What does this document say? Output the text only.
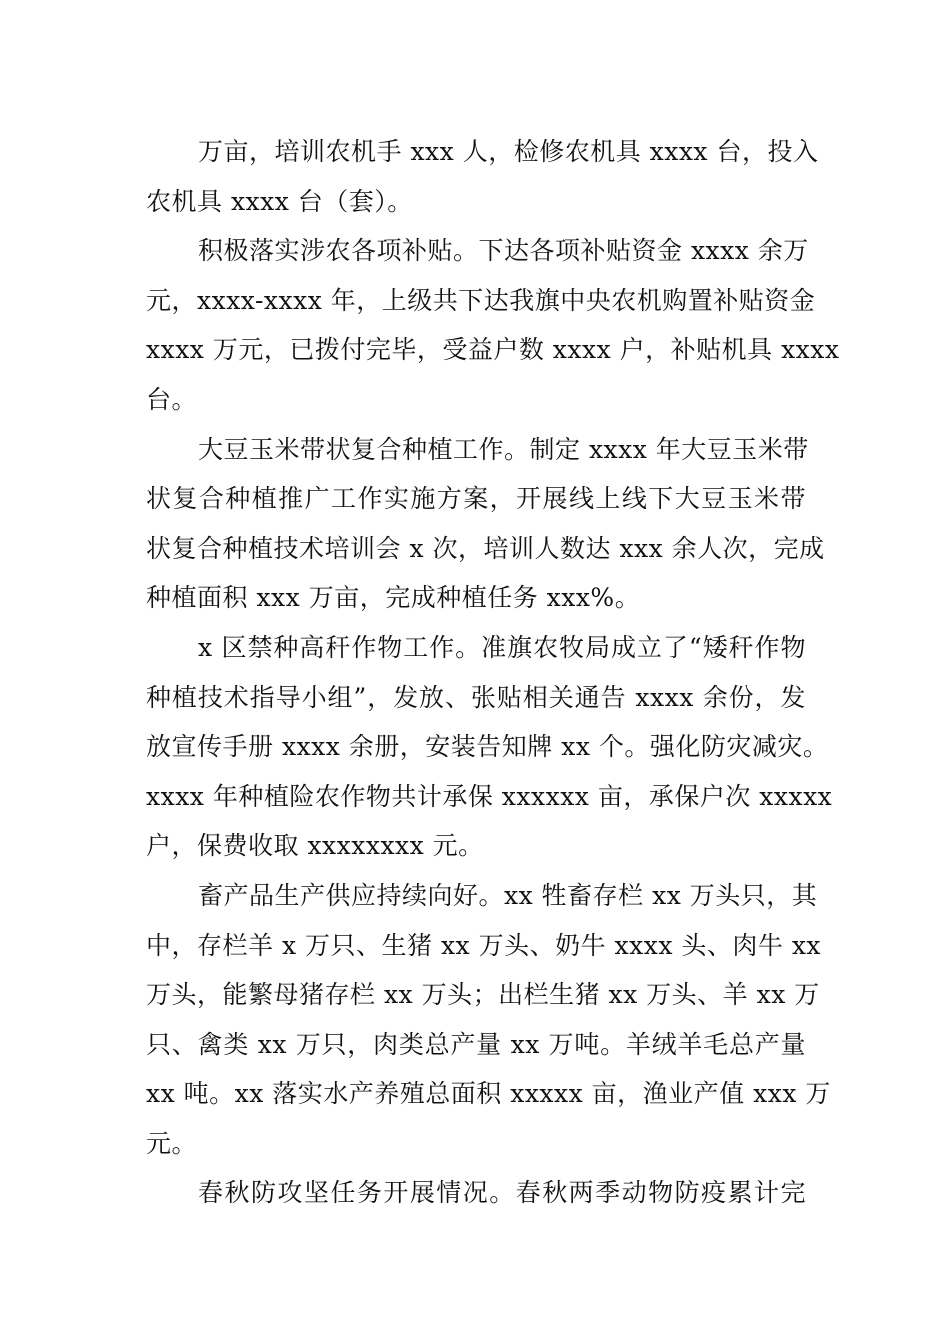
万亩，培训农机手 xxx 人，检修农机具 xxxx 台，投入
农机具 xxxx 台（套）。
积极落实涉农各项补贴。下达各项补贴资金 xxxx 余万
元，xxxx-xxxx 年，上级共下达我旗中央农机购置补贴资金
xxxx 万元，已拨付完毕，受益户数 xxxx 户，补贴机具 xxxx
台。
大豆玉米带状复合种植工作。制定 xxxx 年大豆玉米带
状复合种植推广工作实施方案，开展线上线下大豆玉米带
状复合种植技术培训会 x 次，培训人数达 xxx 余人次，完成
种植面积 xxx 万亩，完成种植任务 xxx%。
x 区禁种高秆作物工作。准旗农牧局成立了“矮秆作物
种植技术指导小组”，发放、张贴相关通告 xxxx 余份，发
放宣传手册 xxxx 余册，安装告知牌 xx 个。强化防灾减灾。
xxxx 年种植险农作物共计承保 xxxxxx 亩，承保户次 xxxxx
户，保费收取 xxxxxxxx 元。
畜产品生产供应持续向好。xx 牲畜存栏 xx 万头只，其
中，存栏羊 x 万只、生猪 xx 万头、奶牛 xxxx 头、肉牛 xx
万头，能繁母猪存栏 xx 万头；出栏生猪 xx 万头、羊 xx 万
只、禽类 xx 万只，肉类总产量 xx 万吨。羊绒羊毛总产量
xx 吨。xx 落实水产养殖总面积 xxxxx 亩，渔业产值 xxx 万
元。
春秋防攻坚任务开展情况。春秋两季动物防疫累计完
